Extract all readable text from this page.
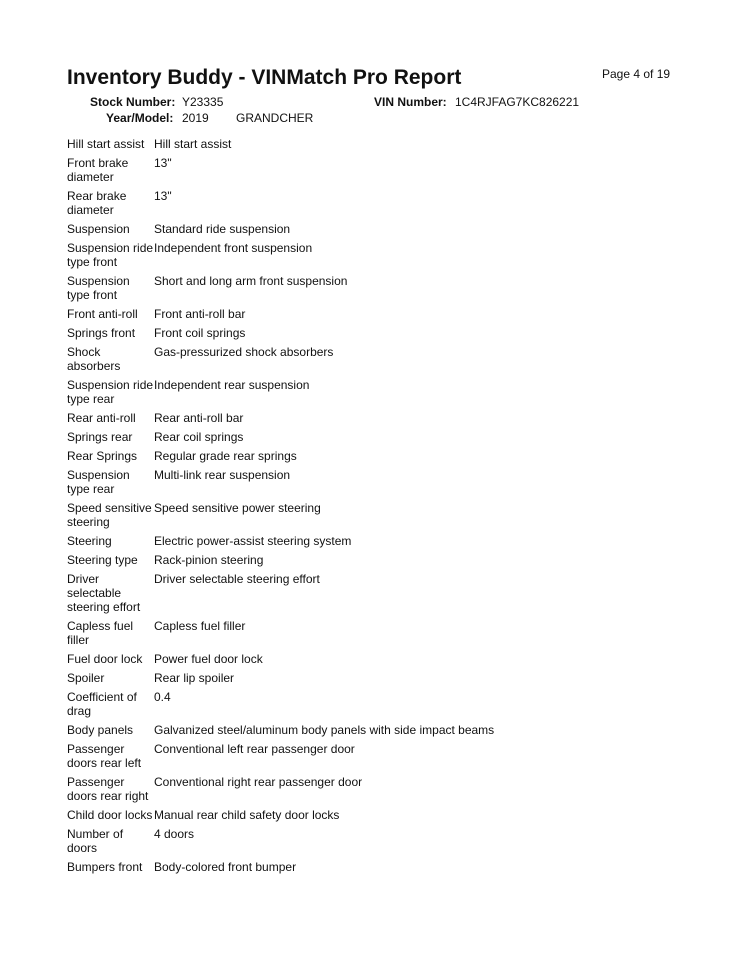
Inventory Buddy - VINMatch Pro Report	Page 4 of 19
Stock Number: Y23335	VIN Number: 1C4RJFAG7KC826221
Year/Model: 2019 GRANDCHER
Hill start assist	Hill start assist
Front brake diameter	13"
Rear brake diameter	13"
Suspension	Standard ride suspension
Suspension ride type front	Independent front suspension
Suspension type front	Short and long arm front suspension
Front anti-roll	Front anti-roll bar
Springs front	Front coil springs
Shock absorbers	Gas-pressurized shock absorbers
Suspension ride type rear	Independent rear suspension
Rear anti-roll	Rear anti-roll bar
Springs rear	Rear coil springs
Rear Springs	Regular grade rear springs
Suspension type rear	Multi-link rear suspension
Speed sensitive steering	Speed sensitive power steering
Steering	Electric power-assist steering system
Steering type	Rack-pinion steering
Driver selectable steering effort	Driver selectable steering effort
Capless fuel filler	Capless fuel filler
Fuel door lock	Power fuel door lock
Spoiler	Rear lip spoiler
Coefficient of drag	0.4
Body panels	Galvanized steel/aluminum body panels with side impact beams
Passenger doors rear left	Conventional left rear passenger door
Passenger doors rear right	Conventional right rear passenger door
Child door locks	Manual rear child safety door locks
Number of doors	4 doors
Bumpers front	Body-colored front bumper
